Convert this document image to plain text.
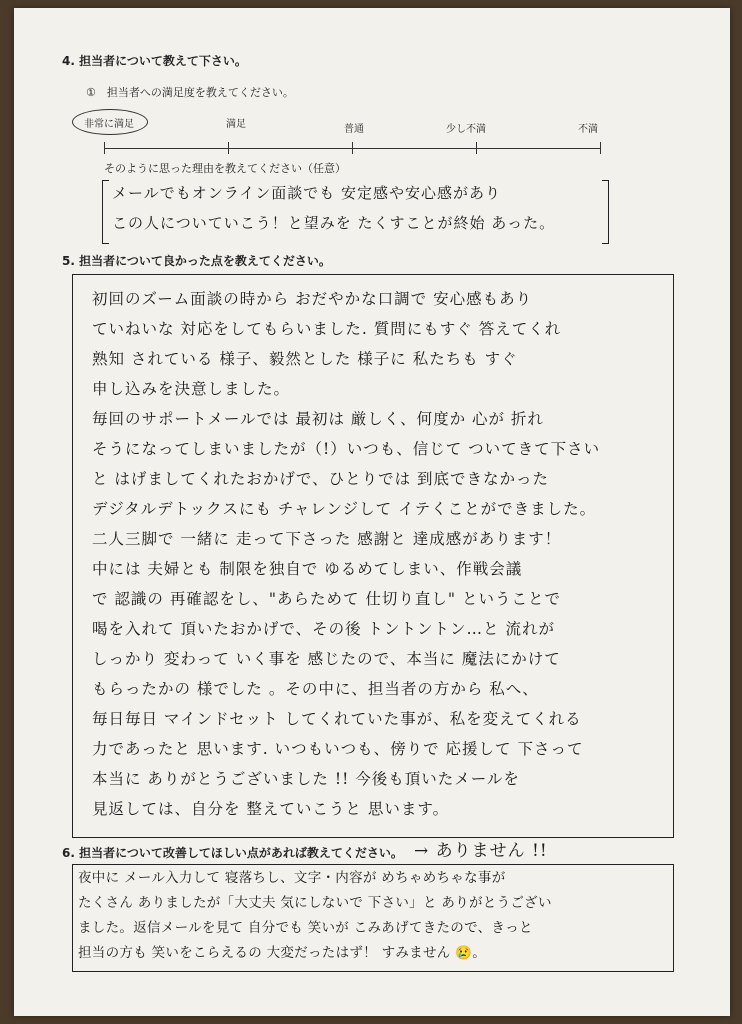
4. 担当者について教えて下さい。
①　担当者への満足度を教えてください。
非常に満足	満足	普通	少し不満	不満
そのように思った理由を教えてください（任意）
メールでもオンライン面談でも 安定感や安心感があり
この人についていこう！と望みを たくすことが終始 あった。
5. 担当者について良かった点を教えてください。
初回のズーム面談の時から おだやかな口調で 安心感もあり
ていねいな 対応をしてもらいました. 質問にもすぐ 答えてくれ
熟知 されている 様子、毅然とした 様子に 私たちも すぐ
申し込みを決意しました。
毎回のサポートメールでは 最初は 厳しく、何度か 心が 折れ
そうになってしまいましたが（!）いつも、信じて ついてきて下さい
と はげましてくれたおかげで、ひとりでは 到底できなかった
デジタルデトックスにも チャレンジして イテくことができました。
二人三脚で 一緒に 走って下さった 感謝と 達成感があります！
中には 夫婦とも 制限を独自で ゆるめてしまい、作戦会議
で 認識の 再確認をし、"あらためて 仕切り直し" ということで
喝を入れて 頂いたおかげで、その後 トントントン…と 流れが
しっかり 変わって いく事を 感じたので、本当に 魔法にかけて
もらったかの 様でした 。その中に、担当者の方から 私へ、
毎日毎日 マインドセット してくれていた事が、私を変えてくれる
力であったと 思います. いつもいつも、傍りで 応援して 下さって
本当に ありがとうございました !! 今後も頂いたメールを
見返しては、自分を 整えていこうと 思います。
6. 担当者について改善してほしい点があれば教えてください。 → ありません !!
夜中に メール入力して 寝落ちし、文字・内容が めちゃめちゃな事が
たくさん ありましたが「大丈夫 気にしないで 下さい」と ありがとうござい
ました。返信メールを見て 自分でも 笑いが こみあげてきたので、きっと
担当の方も 笑いをこらえるの 大変だったはず！ すみません 😢。
